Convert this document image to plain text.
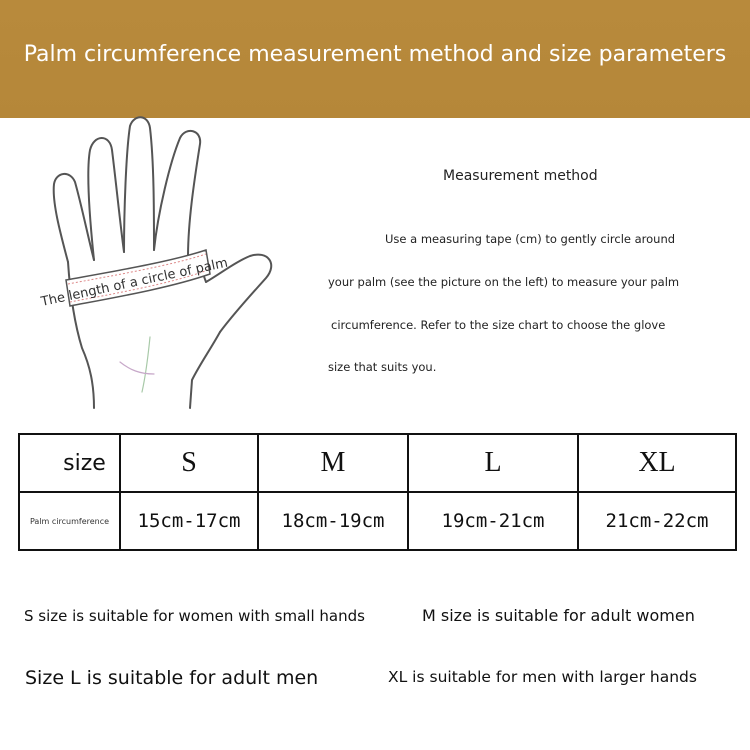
Palm circumference measurement method and size parameters
The length of a circle of palm
Measurement method
Use a measuring tape (cm) to gently circle around
your palm (see the picture on the left) to measure your palm
circumference. Refer to the size chart to choose the glove
size that suits you.
size	S	M	L	XL
Palm circumference	15cm-17cm	18cm-19cm	19cm-21cm	21cm-22cm
S size is suitable for women with small hands	M size is suitable for adult women
Size L is suitable for adult men	XL is suitable for men with larger hands
